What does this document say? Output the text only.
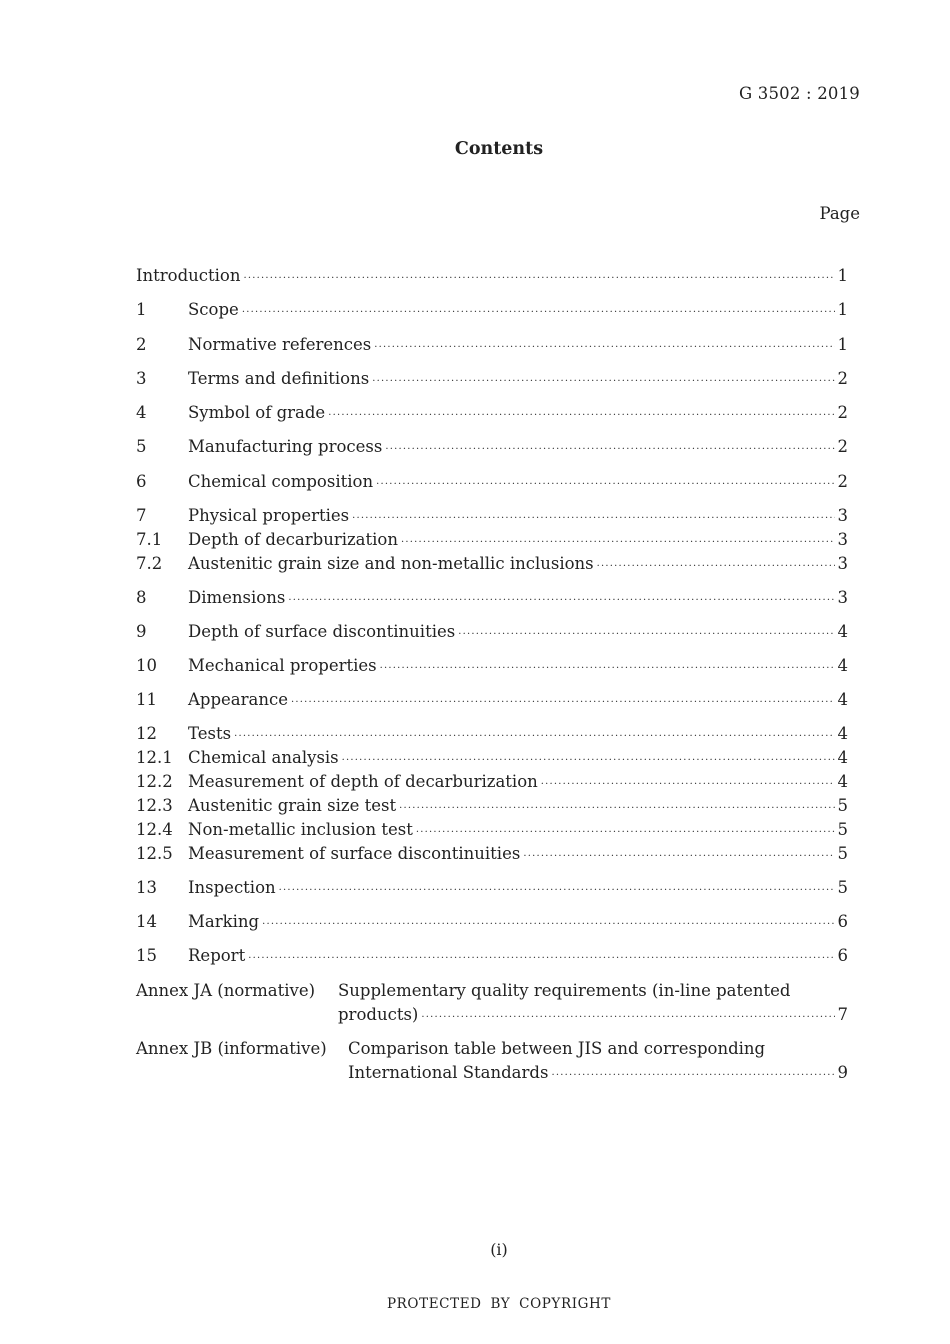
G 3502 : 2019
Contents
Page
Introduction ·····	1
1	Scope ·····	1
2	Normative references ·····	1
3	Terms and definitions ·····	2
4	Symbol of grade ·····	2
5	Manufacturing process ·····	2
6	Chemical composition ·····	2
7	Physical properties ·····	3
7.1	Depth of decarburization ·····	3
7.2	Austenitic grain size and non-metallic inclusions ·····	3
8	Dimensions ·····	3
9	Depth of surface discontinuities ·····	4
10	Mechanical properties ·····	4
11	Appearance ·····	4
12	Tests ·····	4
12.1 Chemical analysis ·····	4
12.2 Measurement of depth of decarburization ·····	4
12.3 Austenitic grain size test ·····	5
12.4 Non-metallic inclusion test ·····	5
12.5 Measurement of surface discontinuities ·····	5
13	Inspection ·····	5
14	Marking ·····	6
15	Report ·····	6
Annex JA (normative) Supplementary quality requirements (in-line patented
products) ·····	7
Annex JB (informative) Comparison table between JIS and corresponding
International Standards ·····	9
(i)
PROTECTED BY COPYRIGHT
